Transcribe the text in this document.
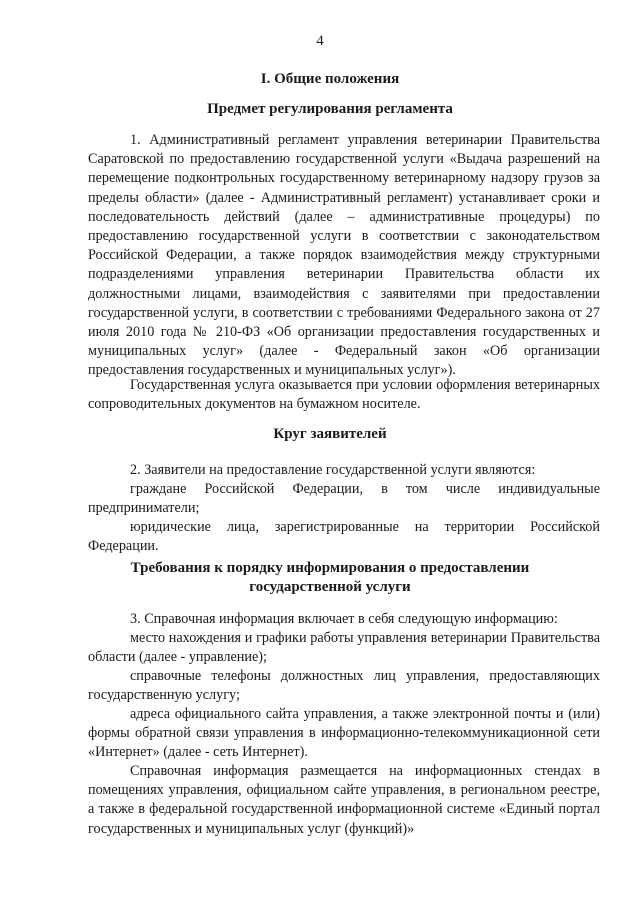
4
I. Общие положения
Предмет регулирования регламента
1. Административный регламент управления ветеринарии Правительства Саратовской по предоставлению государственной услуги «Выдача разрешений на перемещение подконтрольных государственному ветеринарному надзору грузов за пределы области» (далее - Административный регламент) устанавливает сроки и последовательность действий (далее – административные процедуры) по предоставлению государственной услуги в соответствии с законодательством Российской Федерации, а также порядок взаимодействия между структурными подразделениями управления ветеринарии Правительства области их должностными лицами, взаимодействия с заявителями при предоставлении государственной услуги, в соответствии с требованиями Федерального закона от 27 июля 2010 года № 210-ФЗ «Об организации предоставления государственных и муниципальных услуг» (далее - Федеральный закон «Об организации предоставления государственных и муниципальных услуг»).
Государственная услуга оказывается при условии оформления ветеринарных сопроводительных документов на бумажном носителе.
Круг заявителей
2. Заявители на предоставление государственной услуги являются:
граждане Российской Федерации, в том числе индивидуальные предприниматели;
юридические лица, зарегистрированные на территории Российской Федерации.
Требования к порядку информирования о предоставлении
государственной услуги
3. Справочная информация включает в себя следующую информацию:
место нахождения и графики работы управления ветеринарии Правительства области (далее - управление);
справочные телефоны должностных лиц управления, предоставляющих государственную услугу;
адреса официального сайта управления, а также электронной почты и (или) формы обратной связи управления в информационно-телекоммуникационной сети «Интернет» (далее - сеть Интернет).
Справочная информация размещается на информационных стендах в помещениях управления, официальном сайте управления, в региональном реестре, а также в федеральной государственной информационной системе «Единый портал государственных и муниципальных услуг (функций)»
